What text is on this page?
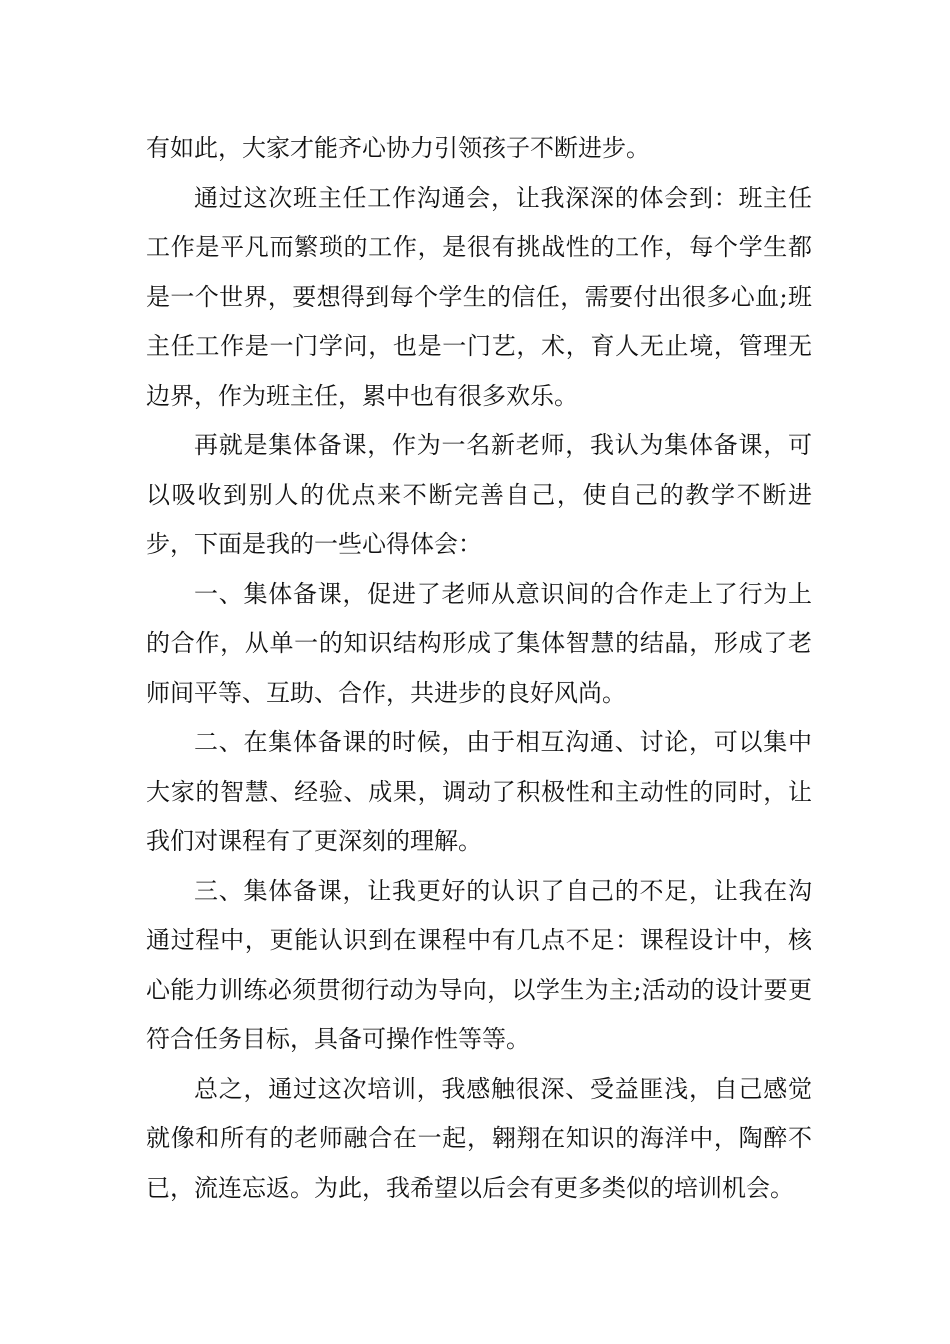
有如此，大家才能齐心协力引领孩子不断进步。

通过这次班主任工作沟通会，让我深深的体会到：班主任工作是平凡而繁琐的工作，是很有挑战性的工作，每个学生都是一个世界，要想得到每个学生的信任，需要付出很多心血;班主任工作是一门学问，也是一门艺，术，育人无止境，管理无边界，作为班主任，累中也有很多欢乐。

再就是集体备课，作为一名新老师，我认为集体备课，可以吸收到别人的优点来不断完善自己，使自己的教学不断进步，下面是我的一些心得体会：

一、集体备课，促进了老师从意识间的合作走上了行为上的合作，从单一的知识结构形成了集体智慧的结晶，形成了老师间平等、互助、合作，共进步的良好风尚。

二、在集体备课的时候，由于相互沟通、讨论，可以集中大家的智慧、经验、成果，调动了积极性和主动性的同时，让我们对课程有了更深刻的理解。

三、集体备课，让我更好的认识了自己的不足，让我在沟通过程中，更能认识到在课程中有几点不足：课程设计中，核心能力训练必须贯彻行动为导向，以学生为主;活动的设计要更符合任务目标，具备可操作性等等。

总之，通过这次培训，我感触很深、受益匪浅，自己感觉就像和所有的老师融合在一起，翱翔在知识的海洋中，陶醉不已，流连忘返。为此，我希望以后会有更多类似的培训机会。
